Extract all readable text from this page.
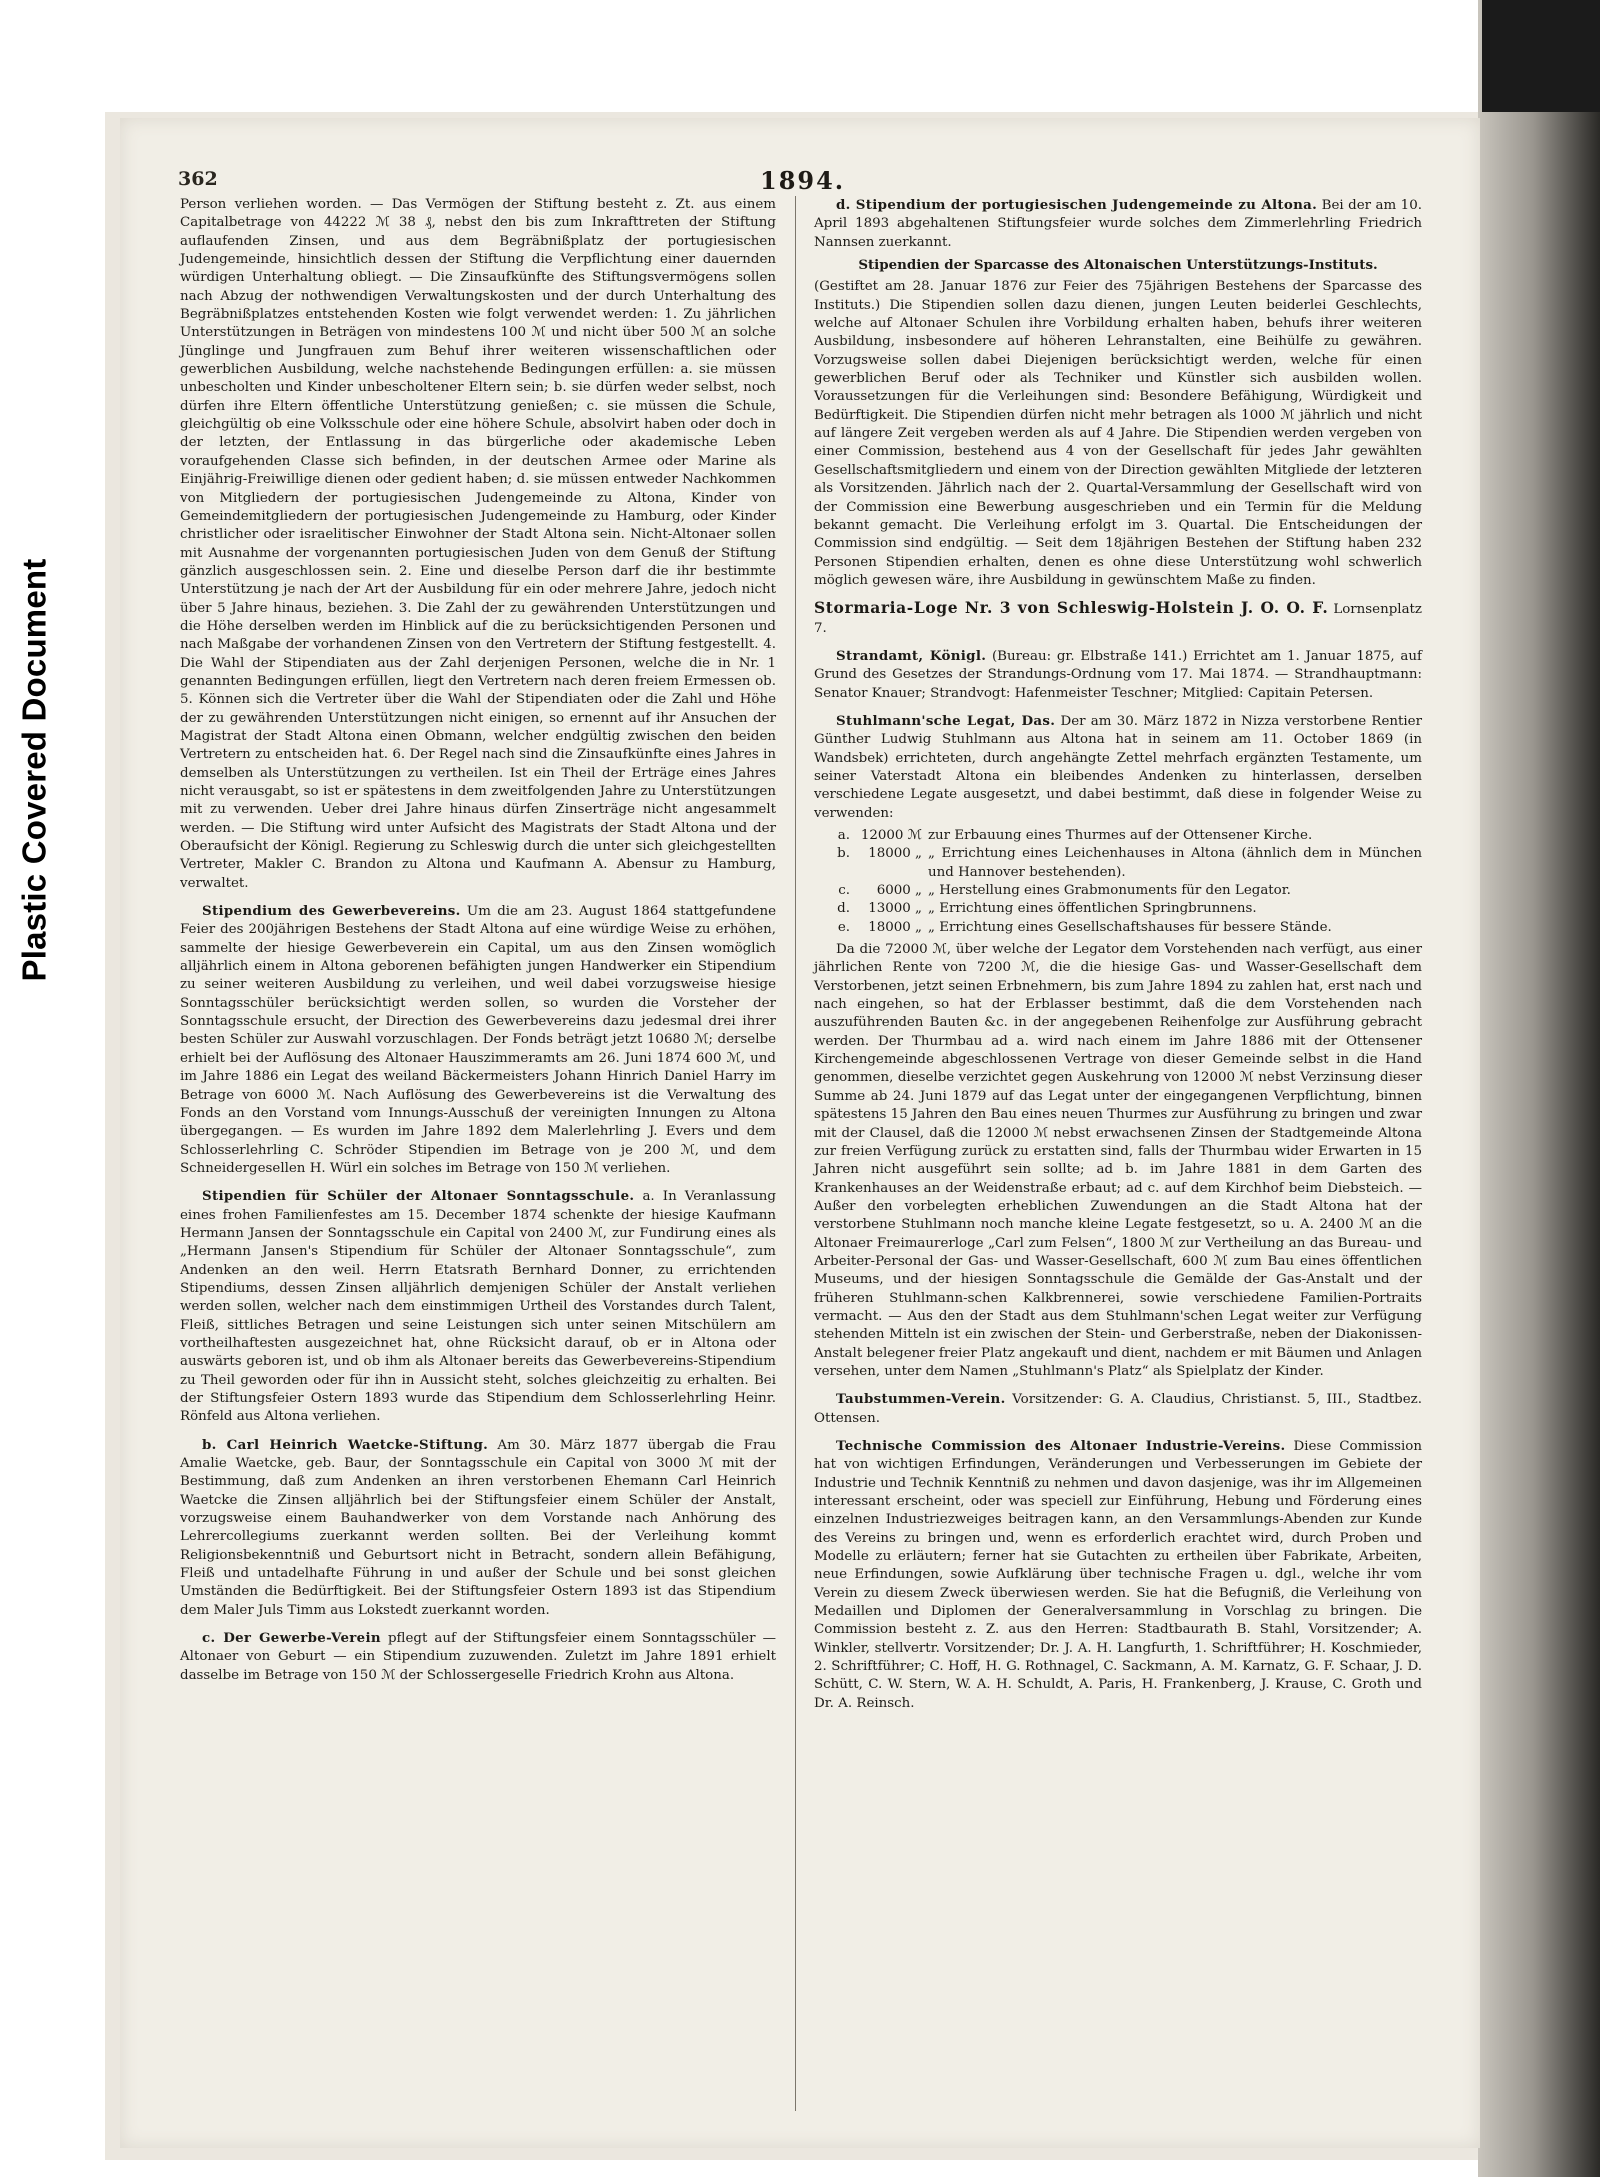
Plastic Covered Document
362	1894.

Person verliehen worden. — Das Vermögen der Stiftung besteht z. Zt. aus einem Capitalbetrage von 44222 ℳ 38 ₰, nebst den bis zum Inkrafttreten der Stiftung auflaufenden Zinsen, und aus dem Begräbnißplatz der portugiesischen Judengemeinde, hinsichtlich dessen der Stiftung die Verpflichtung einer dauernden würdigen Unterhaltung obliegt. — Die Zinsaufkünfte des Stiftungsvermögens sollen nach Abzug der nothwendigen Verwaltungskosten und der durch Unterhaltung des Begräbnißplatzes entstehenden Kosten wie folgt verwendet werden: 1. Zu jährlichen Unterstützungen in Beträgen von mindestens 100 ℳ und nicht über 500 ℳ an solche Jünglinge und Jungfrauen zum Behuf ihrer weiteren wissenschaftlichen oder gewerblichen Ausbildung, welche nachstehende Bedingungen erfüllen: a. sie müssen unbescholten und Kinder unbescholtener Eltern sein; b. sie dürfen weder selbst, noch dürfen ihre Eltern öffentliche Unterstützung genießen; c. sie müssen die Schule, gleichgültig ob eine Volksschule oder eine höhere Schule, absolvirt haben oder doch in der letzten, der Entlassung in das bürgerliche oder akademische Leben voraufgehenden Classe sich befinden, in der deutschen Armee oder Marine als Einjährig-Freiwillige dienen oder gedient haben; d. sie müssen entweder Nachkommen von Mitgliedern der portugiesischen Judengemeinde zu Altona, Kinder von Gemeindemitgliedern der portugiesischen Judengemeinde zu Hamburg, oder Kinder christlicher oder israelitischer Einwohner der Stadt Altona sein. Nicht-Altonaer sollen mit Ausnahme der vorgenannten portugiesischen Juden von dem Genuß der Stiftung gänzlich ausgeschlossen sein. 2. Eine und dieselbe Person darf die ihr bestimmte Unterstützung je nach der Art der Ausbildung für ein oder mehrere Jahre, jedoch nicht über 5 Jahre hinaus, beziehen. 3. Die Zahl der zu gewährenden Unterstützungen und die Höhe derselben werden im Hinblick auf die zu berücksichtigenden Personen und nach Maßgabe der vorhandenen Zinsen von den Vertretern der Stiftung festgestellt. 4. Die Wahl der Stipendiaten aus der Zahl derjenigen Personen, welche die in Nr. 1 genannten Bedingungen erfüllen, liegt den Vertretern nach deren freiem Ermessen ob. 5. Können sich die Vertreter über die Wahl der Stipendiaten oder die Zahl und Höhe der zu gewährenden Unterstützungen nicht einigen, so ernennt auf ihr Ansuchen der Magistrat der Stadt Altona einen Obmann, welcher endgültig zwischen den beiden Vertretern zu entscheiden hat. 6. Der Regel nach sind die Zinsaufkünfte eines Jahres in demselben als Unterstützungen zu vertheilen. Ist ein Theil der Erträge eines Jahres nicht verausgabt, so ist er spätestens in dem zweitfolgenden Jahre zu Unterstützungen mit zu verwenden. Ueber drei Jahre hinaus dürfen Zinserträge nicht angesammelt werden. — Die Stiftung wird unter Aufsicht des Magistrats der Stadt Altona und der Oberaufsicht der Königl. Regierung zu Schleswig durch die unter sich gleichgestellten Vertreter, Makler C. Brandon zu Altona und Kaufmann A. Abensur zu Hamburg, verwaltet.

Stipendium des Gewerbevereins. Um die am 23. August 1864 stattgefundene Feier des 200jährigen Bestehens der Stadt Altona auf eine würdige Weise zu erhöhen, sammelte der hiesige Gewerbeverein ein Capital, um aus den Zinsen womöglich alljährlich einem in Altona geborenen befähigten jungen Handwerker ein Stipendium zu seiner weiteren Ausbildung zu verleihen, und weil dabei vorzugsweise hiesige Sonntagsschüler berücksichtigt werden sollen, so wurden die Vorsteher der Sonntagsschule ersucht, der Direction des Gewerbevereins dazu jedesmal drei ihrer besten Schüler zur Auswahl vorzuschlagen. Der Fonds beträgt jetzt 10680 ℳ; derselbe erhielt bei der Auflösung des Altonaer Hauszimmeramts am 26. Juni 1874 600 ℳ, und im Jahre 1886 ein Legat des weiland Bäckermeisters Johann Hinrich Daniel Harry im Betrage von 6000 ℳ. Nach Auflösung des Gewerbevereins ist die Verwaltung des Fonds an den Vorstand vom Innungs-Ausschuß der vereinigten Innungen zu Altona übergegangen. — Es wurden im Jahre 1892 dem Malerlehrling J. Evers und dem Schlosserlehrling C. Schröder Stipendien im Betrage von je 200 ℳ, und dem Schneidergesellen H. Würl ein solches im Betrage von 150 ℳ verliehen.

Stipendien für Schüler der Altonaer Sonntagsschule. a. In Veranlassung eines frohen Familienfestes am 15. December 1874 schenkte der hiesige Kaufmann Hermann Jansen der Sonntagsschule ein Capital von 2400 ℳ, zur Fundirung eines als „Hermann Jansen's Stipendium für Schüler der Altonaer Sonntagsschule“, zum Andenken an den weil. Herrn Etatsrath Bernhard Donner, zu errichtenden Stipendiums, dessen Zinsen alljährlich demjenigen Schüler der Anstalt verliehen werden sollen, welcher nach dem einstimmigen Urtheil des Vorstandes durch Talent, Fleiß, sittliches Betragen und seine Leistungen sich unter seinen Mitschülern am vortheilhaftesten ausgezeichnet hat, ohne Rücksicht darauf, ob er in Altona oder auswärts geboren ist, und ob ihm als Altonaer bereits das Gewerbevereins-Stipendium zu Theil geworden oder für ihn in Aussicht steht, solches gleichzeitig zu erhalten. Bei der Stiftungsfeier Ostern 1893 wurde das Stipendium dem Schlosserlehrling Heinr. Rönfeld aus Altona verliehen.

b. Carl Heinrich Waetcke-Stiftung. Am 30. März 1877 übergab die Frau Amalie Waetcke, geb. Baur, der Sonntagsschule ein Capital von 3000 ℳ mit der Bestimmung, daß zum Andenken an ihren verstorbenen Ehemann Carl Heinrich Waetcke die Zinsen alljährlich bei der Stiftungsfeier einem Schüler der Anstalt, vorzugsweise einem Bauhandwerker von dem Vorstande nach Anhörung des Lehrercollegiums zuerkannt werden sollten. Bei der Verleihung kommt Religionsbekenntniß und Geburtsort nicht in Betracht, sondern allein Befähigung, Fleiß und untadelhafte Führung in und außer der Schule und bei sonst gleichen Umständen die Bedürftigkeit. Bei der Stiftungsfeier Ostern 1893 ist das Stipendium dem Maler Juls Timm aus Lokstedt zuerkannt worden.

c. Der Gewerbe-Verein pflegt auf der Stiftungsfeier einem Sonntagsschüler — Altonaer von Geburt — ein Stipendium zuzuwenden. Zuletzt im Jahre 1891 erhielt dasselbe im Betrage von 150 ℳ der Schlossergeselle Friedrich Krohn aus Altona.

d. Stipendium der portugiesischen Judengemeinde zu Altona. Bei der am 10. April 1893 abgehaltenen Stiftungsfeier wurde solches dem Zimmerlehrling Friedrich Nannsen zuerkannt.

Stipendien der Sparcasse des Altonaischen Unterstützungs-Instituts.

(Gestiftet am 28. Januar 1876 zur Feier des 75jährigen Bestehens der Sparcasse des Instituts.) Die Stipendien sollen dazu dienen, jungen Leuten beiderlei Geschlechts, welche auf Altonaer Schulen ihre Vorbildung erhalten haben, behufs ihrer weiteren Ausbildung, insbesondere auf höheren Lehranstalten, eine Beihülfe zu gewähren. Vorzugsweise sollen dabei Diejenigen berücksichtigt werden, welche für einen gewerblichen Beruf oder als Techniker und Künstler sich ausbilden wollen. Voraussetzungen für die Verleihungen sind: Besondere Befähigung, Würdigkeit und Bedürftigkeit. Die Stipendien dürfen nicht mehr betragen als 1000 ℳ jährlich und nicht auf längere Zeit vergeben werden als auf 4 Jahre. Die Stipendien werden vergeben von einer Commission, bestehend aus 4 von der Gesellschaft für jedes Jahr gewählten Gesellschaftsmitgliedern und einem von der Direction gewählten Mitgliede der letzteren als Vorsitzenden. Jährlich nach der 2. Quartal-Versammlung der Gesellschaft wird von der Commission eine Bewerbung ausgeschrieben und ein Termin für die Meldung bekannt gemacht. Die Verleihung erfolgt im 3. Quartal. Die Entscheidungen der Commission sind endgültig. — Seit dem 18jährigen Bestehen der Stiftung haben 232 Personen Stipendien erhalten, denen es ohne diese Unterstützung wohl schwerlich möglich gewesen wäre, ihre Ausbildung in gewünschtem Maße zu finden.

Stormaria-Loge Nr. 3 von Schleswig-Holstein J. O. O. F. Lornsenplatz 7.

Strandamt, Königl. (Bureau: gr. Elbstraße 141.) Errichtet am 1. Januar 1875, auf Grund des Gesetzes der Strandungs-Ordnung vom 17. Mai 1874. — Strandhauptmann: Senator Knauer; Strandvogt: Hafenmeister Teschner; Mitglied: Capitain Petersen.

Stuhlmann'sche Legat, Das. Der am 30. März 1872 in Nizza verstorbene Rentier Günther Ludwig Stuhlmann aus Altona hat in seinem am 11. October 1869 (in Wandsbek) errichteten, durch angehängte Zettel mehrfach ergänzten Testamente, um seiner Vaterstadt Altona ein bleibendes Andenken zu hinterlassen, derselben verschiedene Legate ausgesetzt, und dabei bestimmt, daß diese in folgender Weise zu verwenden:

a. 12000 ℳ zur Erbauung eines Thurmes auf der Ottensener Kirche.
b.	18000 „ „ Errichtung eines Leichenhauses in Altona (ähnlich dem in München und Hannover bestehenden).
c.	6000 „ „ Herstellung eines Grabmonuments für den Legator.
d.	13000 „ „ Errichtung eines öffentlichen Springbrunnens.
e.	18000 „ „ Errichtung eines Gesellschaftshauses für bessere Stände.

Da die 72000 ℳ, über welche der Legator dem Vorstehenden nach verfügt, aus einer jährlichen Rente von 7200 ℳ, die die hiesige Gas- und Wasser-Gesellschaft dem Verstorbenen, jetzt seinen Erbnehmern, bis zum Jahre 1894 zu zahlen hat, erst nach und nach eingehen, so hat der Erblasser bestimmt, daß die dem Vorstehenden nach auszuführenden Bauten &c. in der angegebenen Reihenfolge zur Ausführung gebracht werden. Der Thurmbau ad a. wird nach einem im Jahre 1886 mit der Ottensener Kirchengemeinde abgeschlossenen Vertrage von dieser Gemeinde selbst in die Hand genommen, dieselbe verzichtet gegen Auskehrung von 12000 ℳ nebst Verzinsung dieser Summe ab 24. Juni 1879 auf das Legat unter der eingegangenen Verpflichtung, binnen spätestens 15 Jahren den Bau eines neuen Thurmes zur Ausführung zu bringen und zwar mit der Clausel, daß die 12000 ℳ nebst erwachsenen Zinsen der Stadtgemeinde Altona zur freien Verfügung zurück zu erstatten sind, falls der Thurmbau wider Erwarten in 15 Jahren nicht ausgeführt sein sollte; ad b. im Jahre 1881 in dem Garten des Krankenhauses an der Weidenstraße erbaut; ad c. auf dem Kirchhof beim Diebsteich. — Außer den vorbelegten erheblichen Zuwendungen an die Stadt Altona hat der verstorbene Stuhlmann noch manche kleine Legate festgesetzt, so u. A. 2400 ℳ an die Altonaer Freimaurerloge „Carl zum Felsen“, 1800 ℳ zur Vertheilung an das Bureau- und Arbeiter-Personal der Gas- und Wasser-Gesellschaft, 600 ℳ zum Bau eines öffentlichen Museums, und der hiesigen Sonntagsschule die Gemälde der Gas-Anstalt und der früheren Stuhlmann-schen Kalkbrennerei, sowie verschiedene Familien-Portraits vermacht. — Aus den der Stadt aus dem Stuhlmann'schen Legat weiter zur Verfügung stehenden Mitteln ist ein zwischen der Stein- und Gerberstraße, neben der Diakonissen-Anstalt belegener freier Platz angekauft und dient, nachdem er mit Bäumen und Anlagen versehen, unter dem Namen „Stuhlmann's Platz“ als Spielplatz der Kinder.

Taubstummen-Verein. Vorsitzender: G. A. Claudius, Christianst. 5, III., Stadtbez. Ottensen.

Technische Commission des Altonaer Industrie-Vereins. Diese Commission hat von wichtigen Erfindungen, Veränderungen und Verbesserungen im Gebiete der Industrie und Technik Kenntniß zu nehmen und davon dasjenige, was ihr im Allgemeinen interessant erscheint, oder was speciell zur Einführung, Hebung und Förderung eines einzelnen Industriezweiges beitragen kann, an den Versammlungs-Abenden zur Kunde des Vereins zu bringen und, wenn es erforderlich erachtet wird, durch Proben und Modelle zu erläutern; ferner hat sie Gutachten zu ertheilen über Fabrikate, Arbeiten, neue Erfindungen, sowie Aufklärung über technische Fragen u. dgl., welche ihr vom Verein zu diesem Zweck überwiesen werden. Sie hat die Befugniß, die Verleihung von Medaillen und Diplomen der Generalversammlung in Vorschlag zu bringen. Die Commission besteht z. Z. aus den Herren: Stadtbaurath B. Stahl, Vorsitzender; A. Winkler, stellvertr. Vorsitzender; Dr. J. A. H. Langfurth, 1. Schriftführer; H. Koschmieder, 2. Schriftführer; C. Hoff, H. G. Rothnagel, C. Sackmann, A. M. Karnatz, G. F. Schaar, J. D. Schütt, C. W. Stern, W. A. H. Schuldt, A. Paris, H. Frankenberg, J. Krause, C. Groth und Dr. A. Reinsch.
